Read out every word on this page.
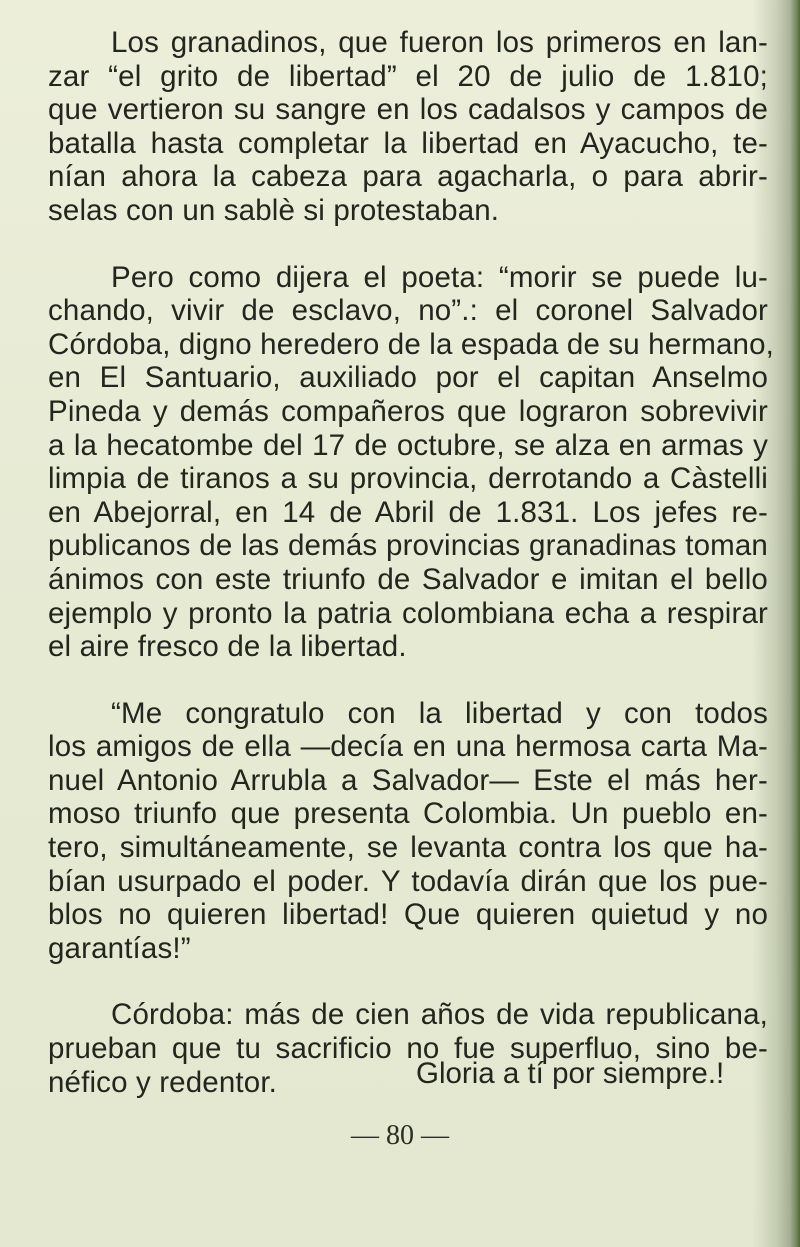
Los granadinos, que fueron los primeros en lan-
zar “el grito de libertad” el 20 de julio de 1.810;
que vertieron su sangre en los cadalsos y campos de
batalla hasta completar la libertad en Ayacucho, te-
nían ahora la cabeza para agacharla, o para abrir-
selas con un sablè si protestaban.

Pero como dijera el poeta: “morir se puede lu-
chando, vivir de esclavo, no”.: el coronel Salvador
Córdoba, digno heredero de la espada de su hermano,
en El Santuario, auxiliado por el capitan Anselmo
Pineda y demás compañeros que lograron sobrevivir
a la hecatombe del 17 de octubre, se alza en armas y
limpia de tiranos a su provincia, derrotando a Càstelli
en Abejorral, en 14 de Abril de 1.831. Los jefes re-
publicanos de las demás provincias granadinas toman
ánimos con este triunfo de Salvador e imitan el bello
ejemplo y pronto la patria colombiana echa a respirar
el aire fresco de la libertad.

“Me congratulo con la libertad y con todos
los amigos de ella —decía en una hermosa carta Ma-
nuel Antonio Arrubla a Salvador— Este el más her-
moso triunfo que presenta Colombia. Un pueblo en-
tero, simultáneamente, se levanta contra los que ha-
bían usurpado el poder. Y todavía dirán que los pue-
blos no quieren libertad! Que quieren quietud y no
garantías!”

Córdoba: más de cien años de vida republicana,
prueban que tu sacrificio no fue superfluo, sino be-
néfico y redentor.	Gloria a tí por siempre.!
— 80 —
